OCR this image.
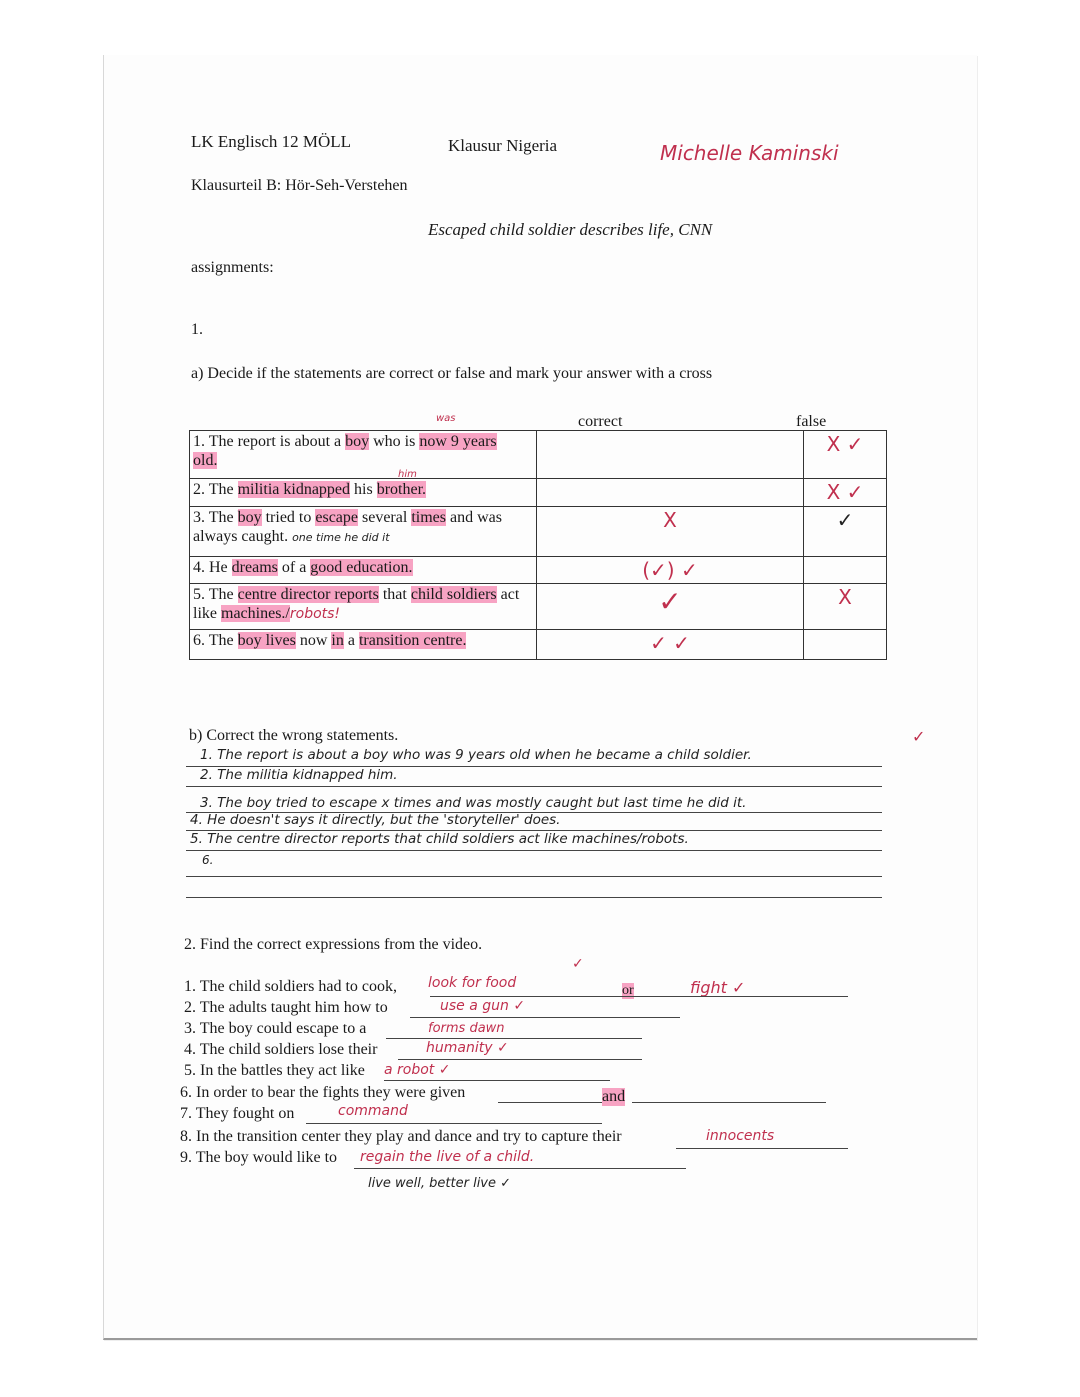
LK Englisch 12 MÖLL	Klausur Nigeria	Michelle Kaminski
Klausurteil B: Hör-Seh-Verstehen
Escaped child soldier describes life, CNN
assignments:
1.
a) Decide if the statements are correct or false and mark your answer with a cross
correct	false
was
him
1. The report is about a boy who is now 9 years
old.		X ✓
2. The militia kidnapped his brother.		X ✓
3. The boy tried to escape several times and was always caught. one time he did it	X	✓
4. He dreams of a good education.	(✓) ✓	
5. The centre director reports that child soldiers act like machines./robots!	✓	X
6. The boy lives now in a transition centre.	✓ ✓	
b) Correct the wrong statements.	✓
1. The report is about a boy who was 9 years old when he became a child soldier.
2. The militia kidnapped him.
3. The boy tried to escape x times and was mostly caught but last time he did it.
4. He doesn't says it directly, but the 'storyteller' does.
5. The centre director reports that child soldiers act like machines/robots.
6.
2. Find the correct expressions from the video.
✓
1. The child soldiers had to cook, look for food	or	fight ✓
2. The adults taught him how to	use a gun ✓
3. The boy could escape to a	forms dawn
4. The child soldiers lose their	humanity ✓
5. In the battles they act like a robot ✓
6. In order to bear the fights they were given	and
7. They fought on	command
8. In the transition center they play and dance and try to capture their	innocents
9. The boy would like to regain the live of a child.
live well, better live ✓
